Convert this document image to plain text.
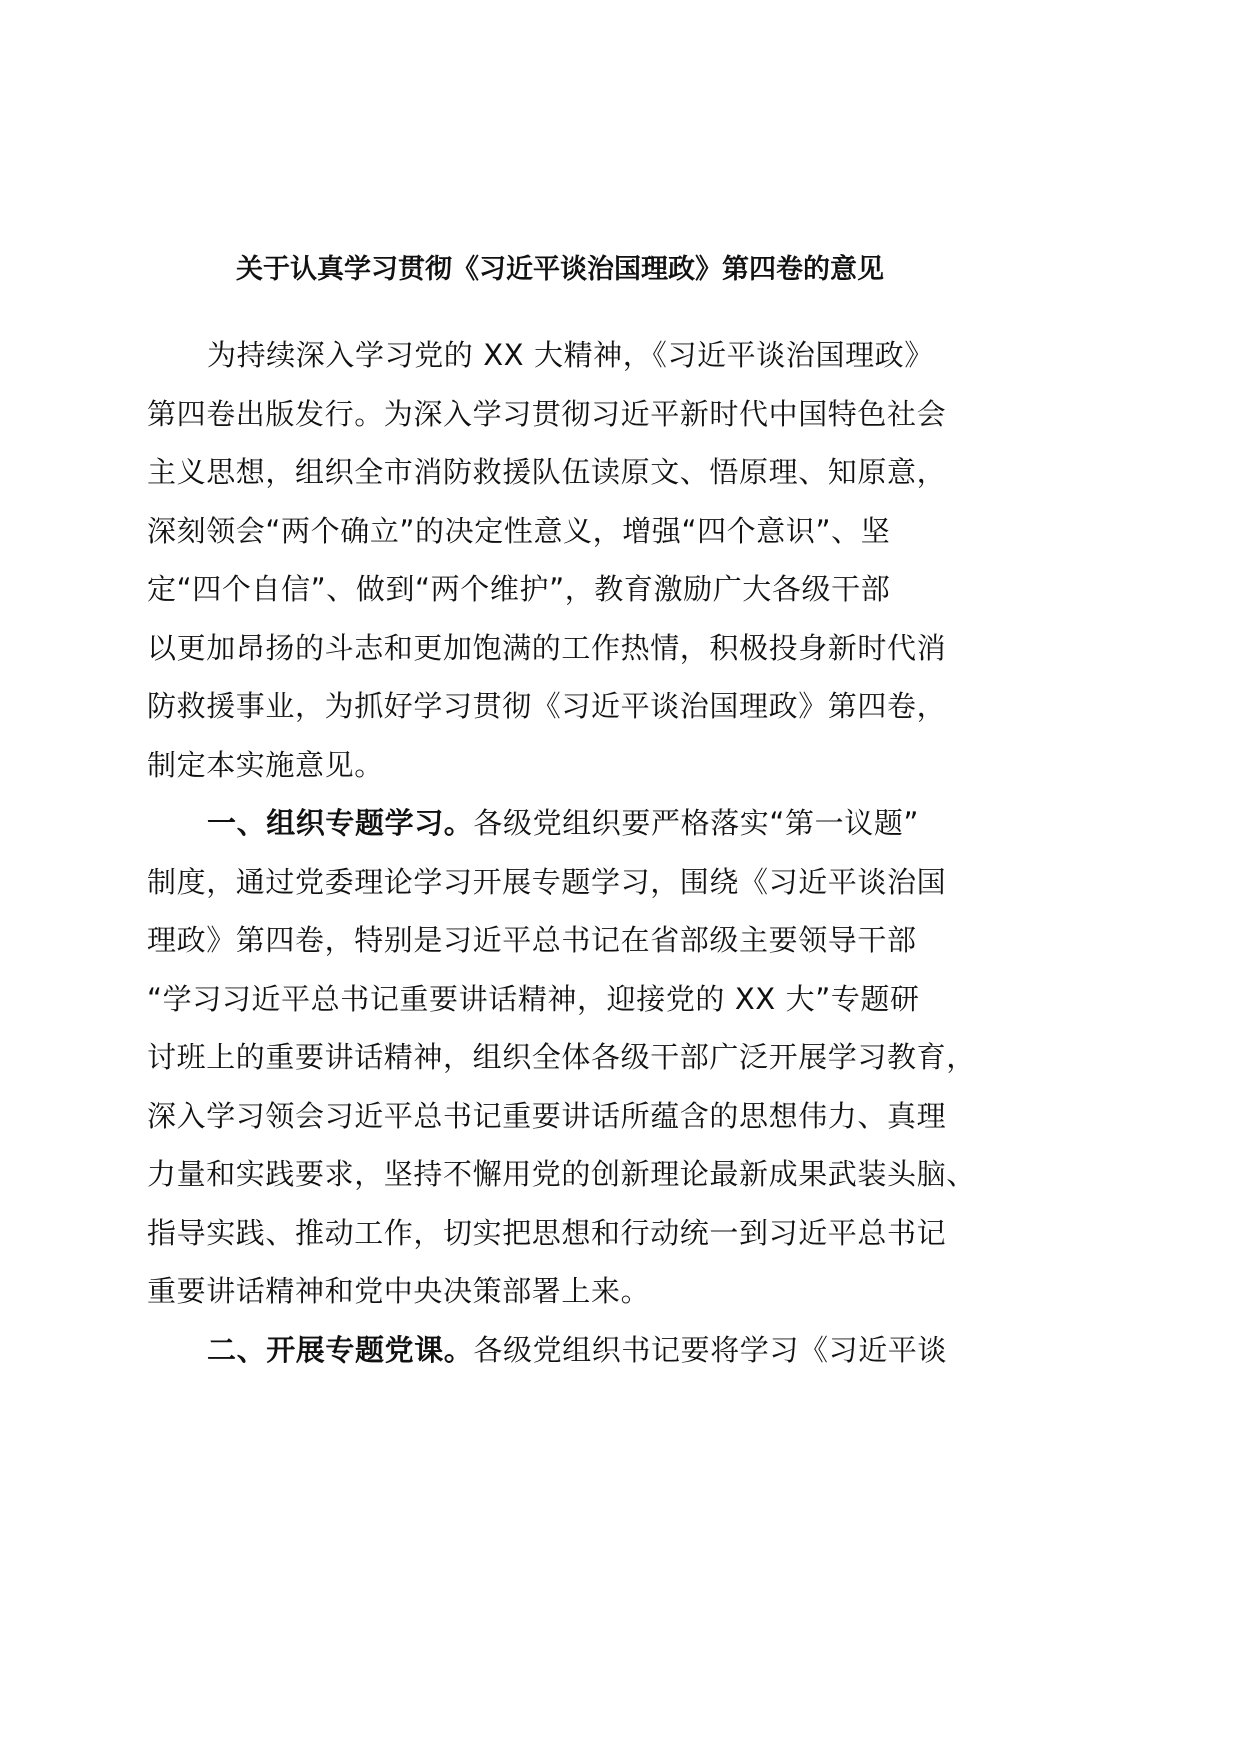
关于认真学习贯彻《习近平谈治国理政》第四卷的意见
为持续深入学习党的 XX 大精神，《习近平谈治国理政》
第四卷出版发行。为深入学习贯彻习近平新时代中国特色社会
主义思想，组织全市消防救援队伍读原文、悟原理、知原意，
深刻领会“两个确立”的决定性意义，增强“四个意识”、坚
定“四个自信”、做到“两个维护”，教育激励广大各级干部
以更加昂扬的斗志和更加饱满的工作热情，积极投身新时代消
防救援事业，为抓好学习贯彻《习近平谈治国理政》第四卷，
制定本实施意见。
一、组织专题学习。各级党组织要严格落实“第一议题”
制度，通过党委理论学习开展专题学习，围绕《习近平谈治国
理政》第四卷，特别是习近平总书记在省部级主要领导干部
“学习习近平总书记重要讲话精神，迎接党的 XX 大”专题研
讨班上的重要讲话精神，组织全体各级干部广泛开展学习教育，
深入学习领会习近平总书记重要讲话所蕴含的思想伟力、真理
力量和实践要求，坚持不懈用党的创新理论最新成果武装头脑、
指导实践、推动工作，切实把思想和行动统一到习近平总书记
重要讲话精神和党中央决策部署上来。
二、开展专题党课。各级党组织书记要将学习《习近平谈
